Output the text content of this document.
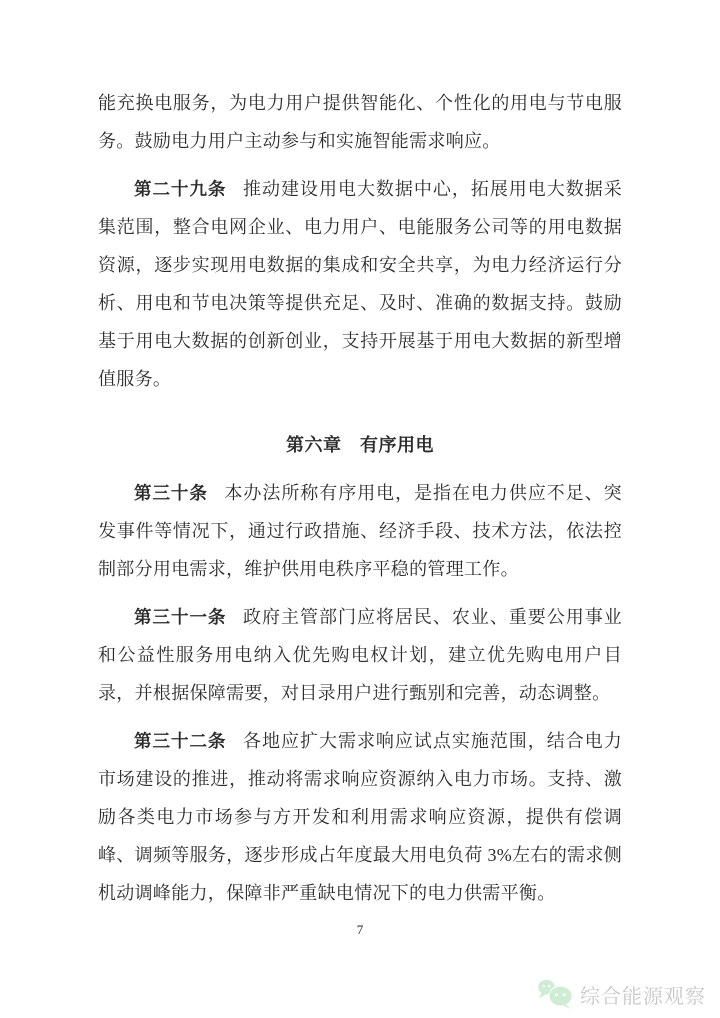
能充换电服务，为电力用户提供智能化、个性化的用电与节电服务。鼓励电力用户主动参与和实施智能需求响应。

第二十九条 推动建设用电大数据中心，拓展用电大数据采集范围，整合电网企业、电力用户、电能服务公司等的用电数据资源，逐步实现用电数据的集成和安全共享，为电力经济运行分析、用电和节电决策等提供充足、及时、准确的数据支持。鼓励基于用电大数据的创新创业，支持开展基于用电大数据的新型增值服务。

第六章　有序用电

第三十条 本办法所称有序用电，是指在电力供应不足、突发事件等情况下，通过行政措施、经济手段、技术方法，依法控制部分用电需求，维护供用电秩序平稳的管理工作。

第三十一条 政府主管部门应将居民、农业、重要公用事业和公益性服务用电纳入优先购电权计划，建立优先购电用户目录，并根据保障需要，对目录用户进行甄别和完善，动态调整。

第三十二条 各地应扩大需求响应试点实施范围，结合电力市场建设的推进，推动将需求响应资源纳入电力市场。支持、激励各类电力市场参与方开发和利用需求响应资源，提供有偿调峰、调频等服务，逐步形成占年度最大用电负荷 3%左右的需求侧机动调峰能力，保障非严重缺电情况下的电力供需平衡。

7
综合能源观察
